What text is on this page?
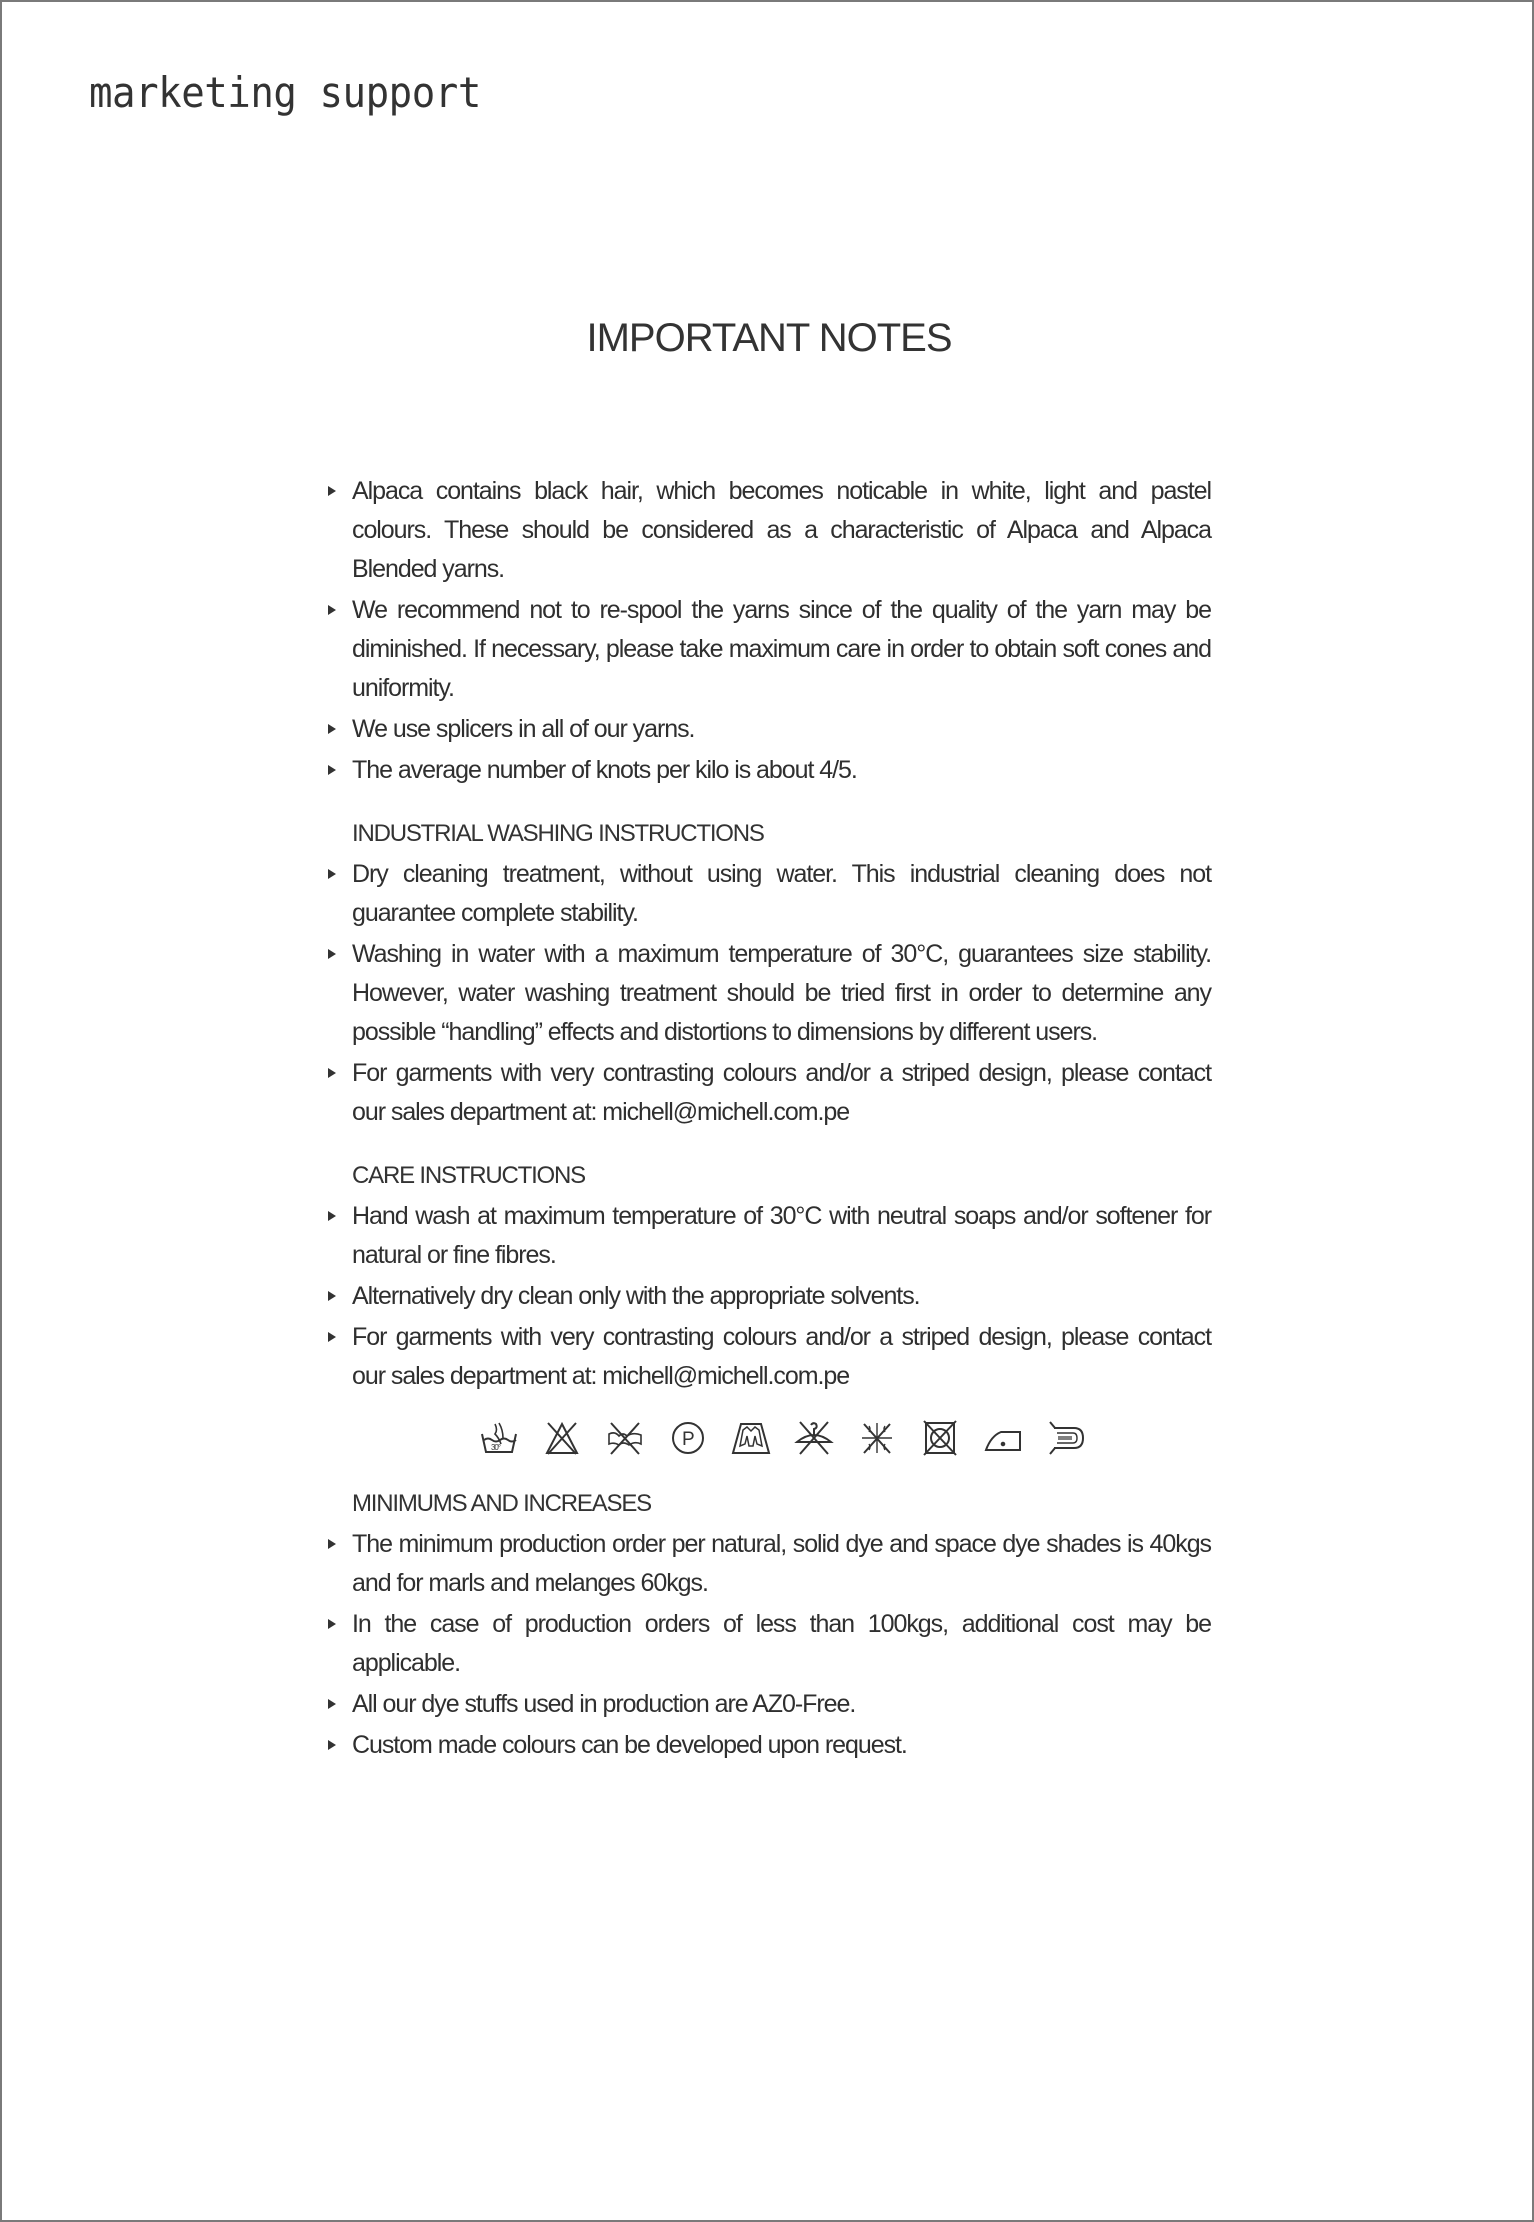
marketing support
IMPORTANT NOTES
Alpaca contains black hair, which becomes noticable in white, light and pastel colours. These should be considered as a characteristic of Alpaca and Alpaca Blended yarns.
We recommend not to re-spool the yarns since of the quality of the yarn may be diminished. If necessary, please take maximum care in order to obtain soft cones and uniformity.
We use splicers in all of our yarns.
The average number of knots per kilo is about 4/5.
INDUSTRIAL WASHING INSTRUCTIONS
Dry cleaning treatment, without using water. This industrial cleaning does not guarantee complete stability.
Washing in water with a maximum temperature of 30°C, guarantees size stability. However, water washing treatment should be tried first in order to determine any possible “handling” effects and distortions to dimensions by different users.
For garments with very contrasting colours and/or a striped design, please contact our sales department at: michell@michell.com.pe
CARE INSTRUCTIONS
Hand wash at maximum temperature of 30°C with neutral soaps and/or softener for natural or fine fibres.
Alternatively dry clean only with the appropriate solvents.
For garments with very contrasting colours and/or a striped design, please contact our sales department at: michell@michell.com.pe
30°	P
MINIMUMS AND INCREASES
The minimum production order per natural, solid dye and space dye shades is 40kgs and for marls and melanges 60kgs.
In the case of production orders of less than 100kgs, additional cost may be applicable.
All our dye stuffs used in production are AZ0-Free.
Custom made colours can be developed upon request.
